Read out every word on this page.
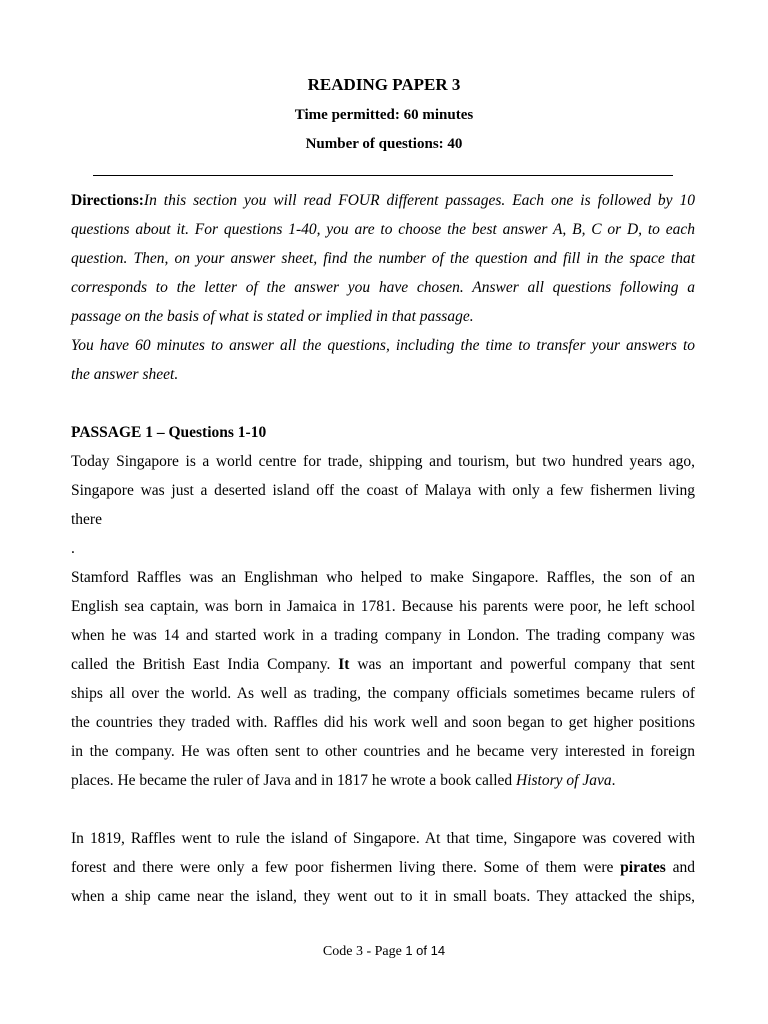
READING PAPER 3
Time permitted: 60 minutes
Number of questions: 40
Directions:In this section you will read FOUR different passages. Each one is followed by 10
questions about it. For questions 1-40, you are to choose the best answer A, B, C or D, to each
question. Then, on your answer sheet, find the number of the question and fill in the space that
corresponds to the letter of the answer you have chosen. Answer all questions following a
passage on the basis of what is stated or implied in that passage.
You have 60 minutes to answer all the questions, including the time to transfer your answers to
the answer sheet.
PASSAGE 1 – Questions 1-10
Today Singapore is a world centre for trade, shipping and tourism, but two hundred years ago,
Singapore was just a deserted island off the coast of Malaya with only a few fishermen living
there
.
Stamford Raffles was an Englishman who helped to make Singapore. Raffles, the son of an
English sea captain, was born in Jamaica in 1781. Because his parents were poor, he left school
when he was 14 and started work in a trading company in London. The trading company was
called the British East India Company. It was an important and powerful company that sent
ships all over the world. As well as trading, the company officials sometimes became rulers of
the countries they traded with. Raffles did his work well and soon began to get higher positions
in the company. He was often sent to other countries and he became very interested in foreign
places. He became the ruler of Java and in 1817 he wrote a book called History of Java.
In 1819, Raffles went to rule the island of Singapore. At that time, Singapore was covered with
forest and there were only a few poor fishermen living there. Some of them were pirates and
when a ship came near the island, they went out to it in small boats. They attacked the ships,
Code 3 - Page 1 of 14
